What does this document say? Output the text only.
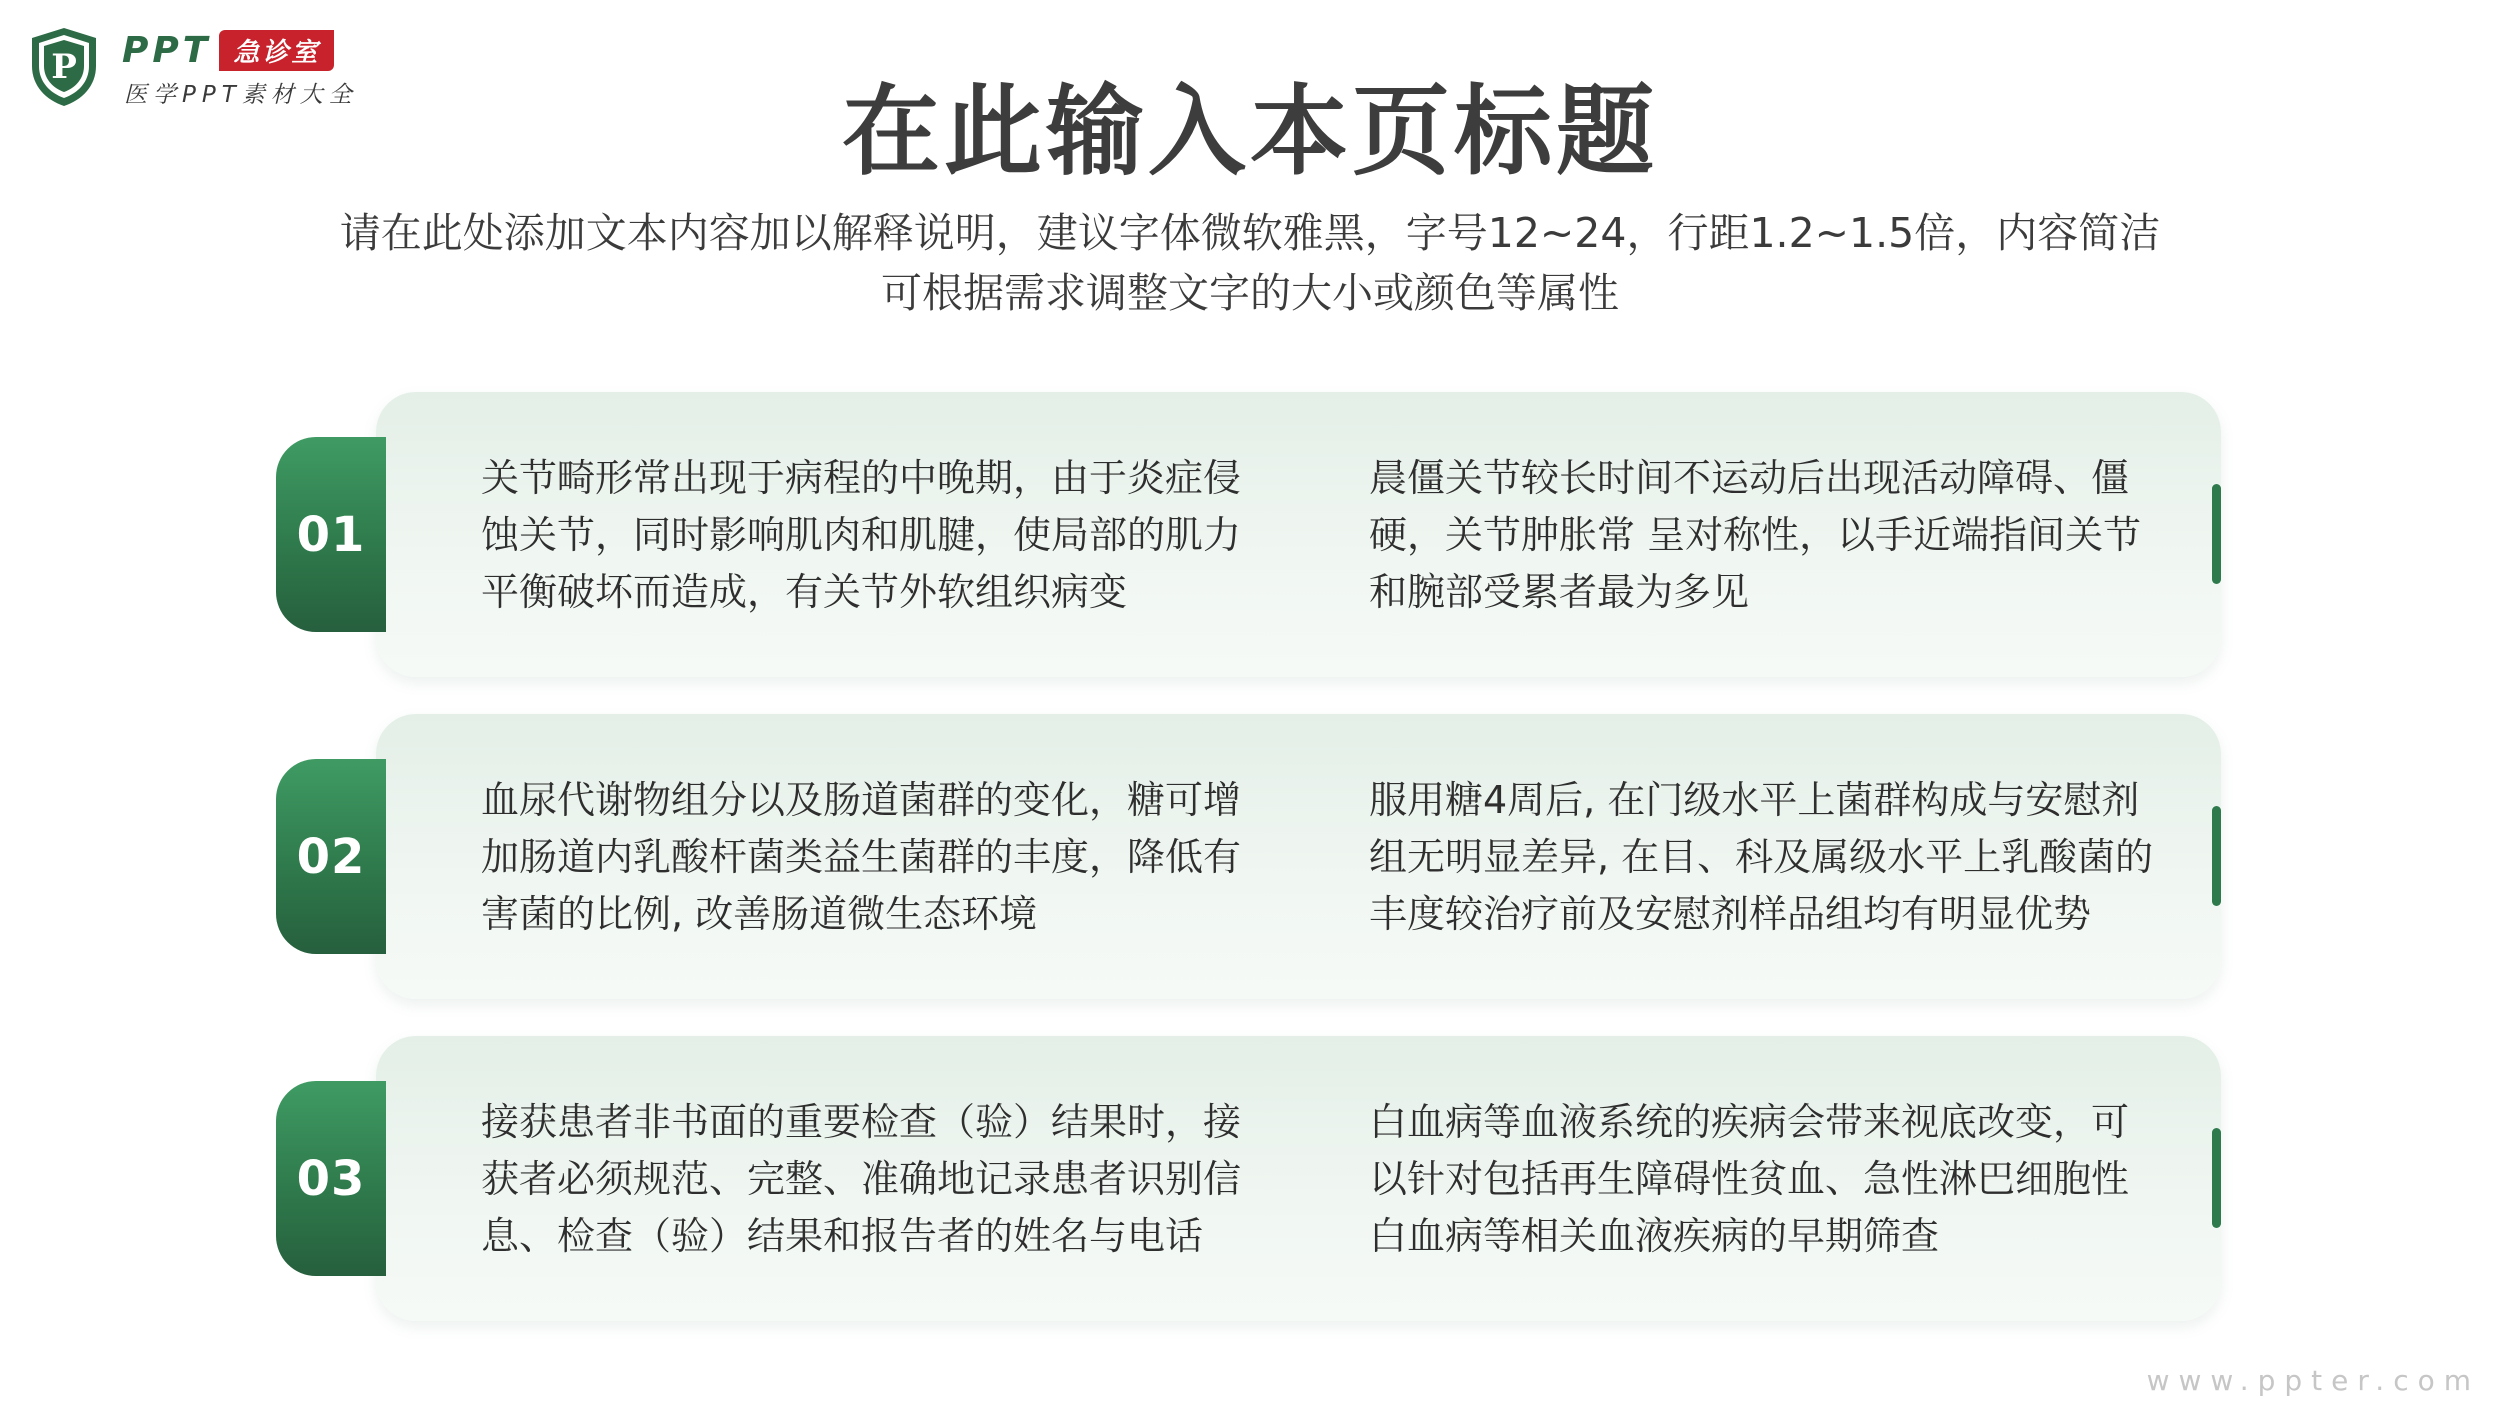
P PPT 急诊室
医学PPT素材大全	在此输入本页标题
请在此处添加文本内容加以解释说明，建议字体微软雅黑，字号12~24，行距1.2~1.5倍，内容简洁
可根据需求调整文字的大小或颜色等属性
01
关节畸形常出现于病程的中晚期，由于炎症侵蚀关节，同时影响肌肉和肌腱，使局部的肌力平衡破坏而造成，有关节外软组织病变
晨僵关节较长时间不运动后出现活动障碍、僵硬，关节肿胀常 呈对称性，以手近端指间关节和腕部受累者最为多见
02
血尿代谢物组分以及肠道菌群的变化，糖可增加肠道内乳酸杆菌类益生菌群的丰度，降低有害菌的比例, 改善肠道微生态环境
服用糖4周后, 在门级水平上菌群构成与安慰剂组无明显差异, 在目、科及属级水平上乳酸菌的丰度较治疗前及安慰剂样品组均有明显优势
03
接获患者非书面的重要检查（验）结果时，接获者必须规范、完整、准确地记录患者识别信息、检查（验）结果和报告者的姓名与电话
白血病等血液系统的疾病会带来视底改变，可以针对包括再生障碍性贫血、急性淋巴细胞性白血病等相关血液疾病的早期筛查
www.ppter.com
